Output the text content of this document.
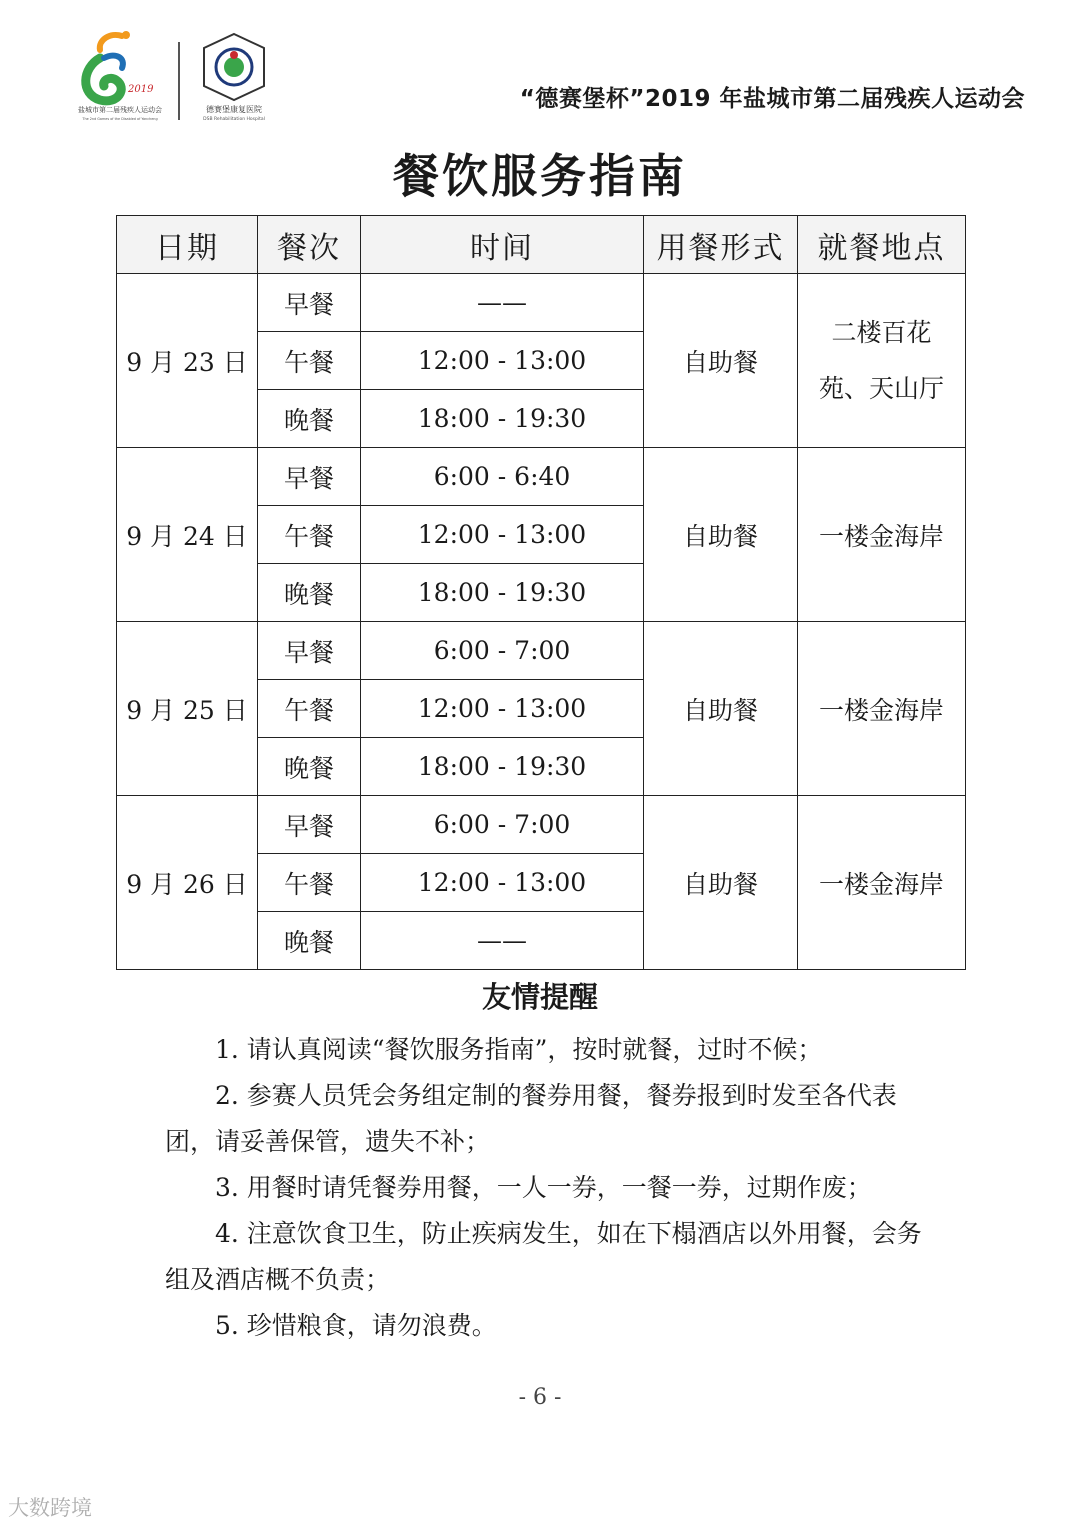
2019
盐城市第二届残疾人运动会
The 2nd Games of the Disabled of Yancheng
德赛堡康复医院
DSB Rehabilitation Hospital
“德赛堡杯”2019 年盐城市第二届残疾人运动会
餐饮服务指南
日期	餐次	时间	用餐形式	就餐地点
9 月 23 日	早餐	——	自助餐	二楼百花苑、天山厅
	午餐	12:00 - 13:00		
	晚餐	18:00 - 19:30		
9 月 24 日	早餐	6:00 - 6:40	自助餐	一楼金海岸
	午餐	12:00 - 13:00		
	晚餐	18:00 - 19:30		
9 月 25 日	早餐	6:00 - 7:00	自助餐	一楼金海岸
	午餐	12:00 - 13:00		
	晚餐	18:00 - 19:30		
9 月 26 日	早餐	6:00 - 7:00	自助餐	一楼金海岸
	午餐	12:00 - 13:00		
	晚餐	——		
友情提醒

1. 请认真阅读“餐饮服务指南”，按时就餐，过时不候；

2. 参赛人员凭会务组定制的餐券用餐，餐券报到时发至各代表团，请妥善保管，遗失不补；

3. 用餐时请凭餐券用餐，一人一券，一餐一券，过期作废；

4. 注意饮食卫生，防止疾病发生，如在下榻酒店以外用餐，会务组及酒店概不负责；

5. 珍惜粮食，请勿浪费。

- 6 -
大数跨境
